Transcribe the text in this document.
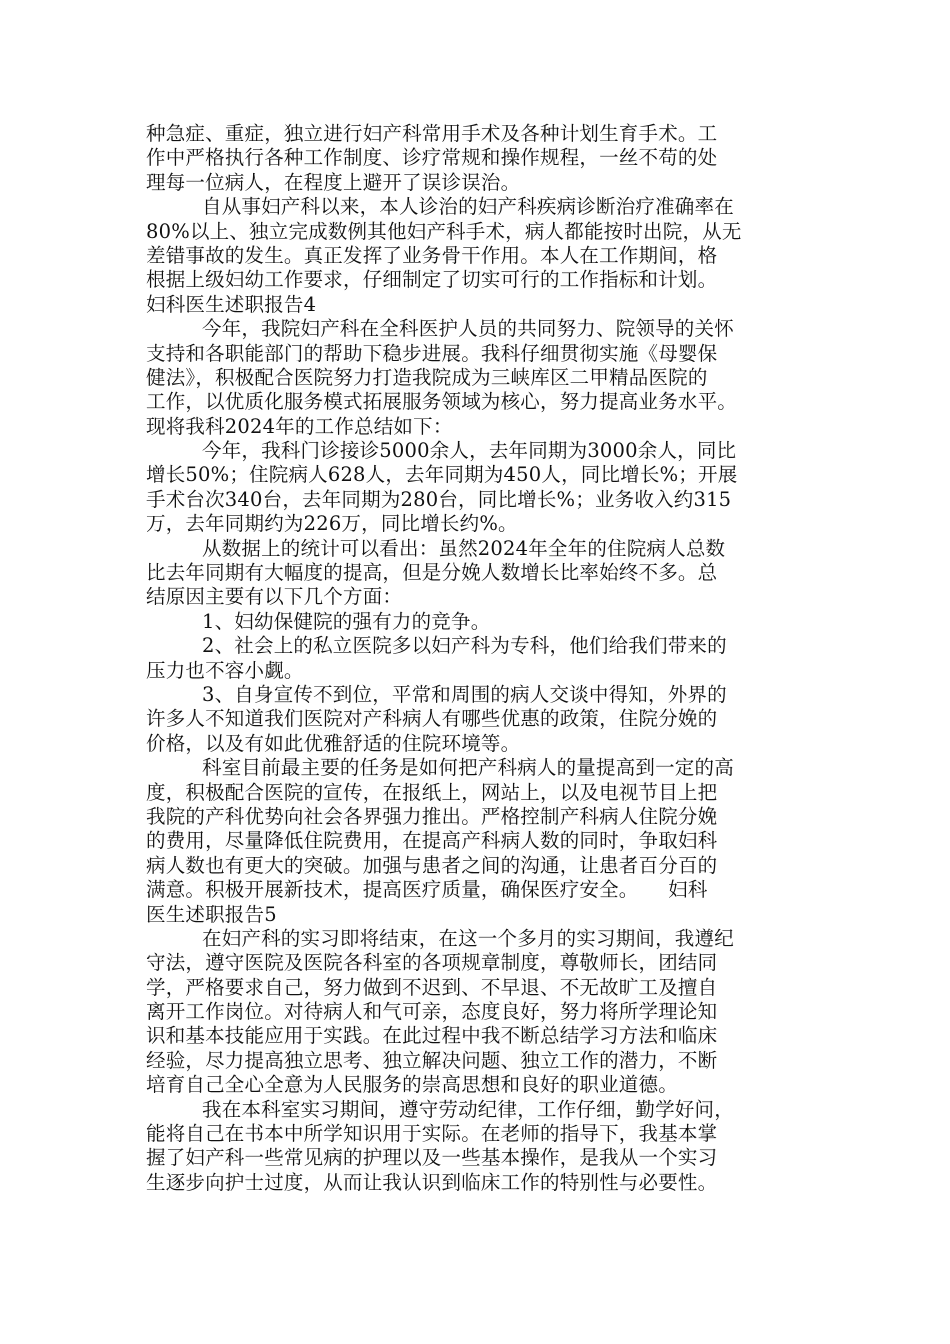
种急症、重症，独立进行妇产科常用手术及各种计划生育手术。工
作中严格执行各种工作制度、诊疗常规和操作规程，一丝不苟的处
理每一位病人，在程度上避开了误诊误治。
自从事妇产科以来，本人诊治的妇产科疾病诊断治疗准确率在
80%以上、独立完成数例其他妇产科手术，病人都能按时出院，从无
差错事故的发生。真正发挥了业务骨干作用。本人在工作期间，格
根据上级妇幼工作要求，仔细制定了切实可行的工作指标和计划。
妇科医生述职报告4
今年，我院妇产科在全科医护人员的共同努力、院领导的关怀
支持和各职能部门的帮助下稳步进展。我科仔细贯彻实施《母婴保
健法》，积极配合医院努力打造我院成为三峡库区二甲精品医院的
工作，以优质化服务模式拓展服务领域为核心，努力提高业务水平。
现将我科2024年的工作总结如下：
今年，我科门诊接诊5000余人，去年同期为3000余人，同比
增长50%；住院病人628人，去年同期为450人，同比增长%；开展
手术台次340台，去年同期为280台，同比增长%；业务收入约315
万，去年同期约为226万，同比增长约%。
从数据上的统计可以看出：虽然2024年全年的住院病人总数
比去年同期有大幅度的提高，但是分娩人数增长比率始终不多。总
结原因主要有以下几个方面：
1、妇幼保健院的强有力的竞争。
2、社会上的私立医院多以妇产科为专科，他们给我们带来的
压力也不容小觑。
3、自身宣传不到位，平常和周围的病人交谈中得知，外界的
许多人不知道我们医院对产科病人有哪些优惠的政策，住院分娩的
价格，以及有如此优雅舒适的住院环境等。
科室目前最主要的任务是如何把产科病人的量提高到一定的高
度，积极配合医院的宣传，在报纸上，网站上，以及电视节目上把
我院的产科优势向社会各界强力推出。严格控制产科病人住院分娩
的费用，尽量降低住院费用，在提高产科病人数的同时，争取妇科
病人数也有更大的突破。加强与患者之间的沟通，让患者百分百的
满意。积极开展新技术，提高医疗质量，确保医疗安全。　　妇科
医生述职报告5
在妇产科的实习即将结束，在这一个多月的实习期间，我遵纪
守法，遵守医院及医院各科室的各项规章制度，尊敬师长，团结同
学，严格要求自己，努力做到不迟到、不早退、不无故旷工及擅自
离开工作岗位。对待病人和气可亲，态度良好，努力将所学理论知
识和基本技能应用于实践。在此过程中我不断总结学习方法和临床
经验，尽力提高独立思考、独立解决问题、独立工作的潜力，不断
培育自己全心全意为人民服务的崇高思想和良好的职业道德。
我在本科室实习期间，遵守劳动纪律，工作仔细，勤学好问，
能将自己在书本中所学知识用于实际。在老师的指导下，我基本掌
握了妇产科一些常见病的护理以及一些基本操作，是我从一个实习
生逐步向护士过度，从而让我认识到临床工作的特别性与必要性。
